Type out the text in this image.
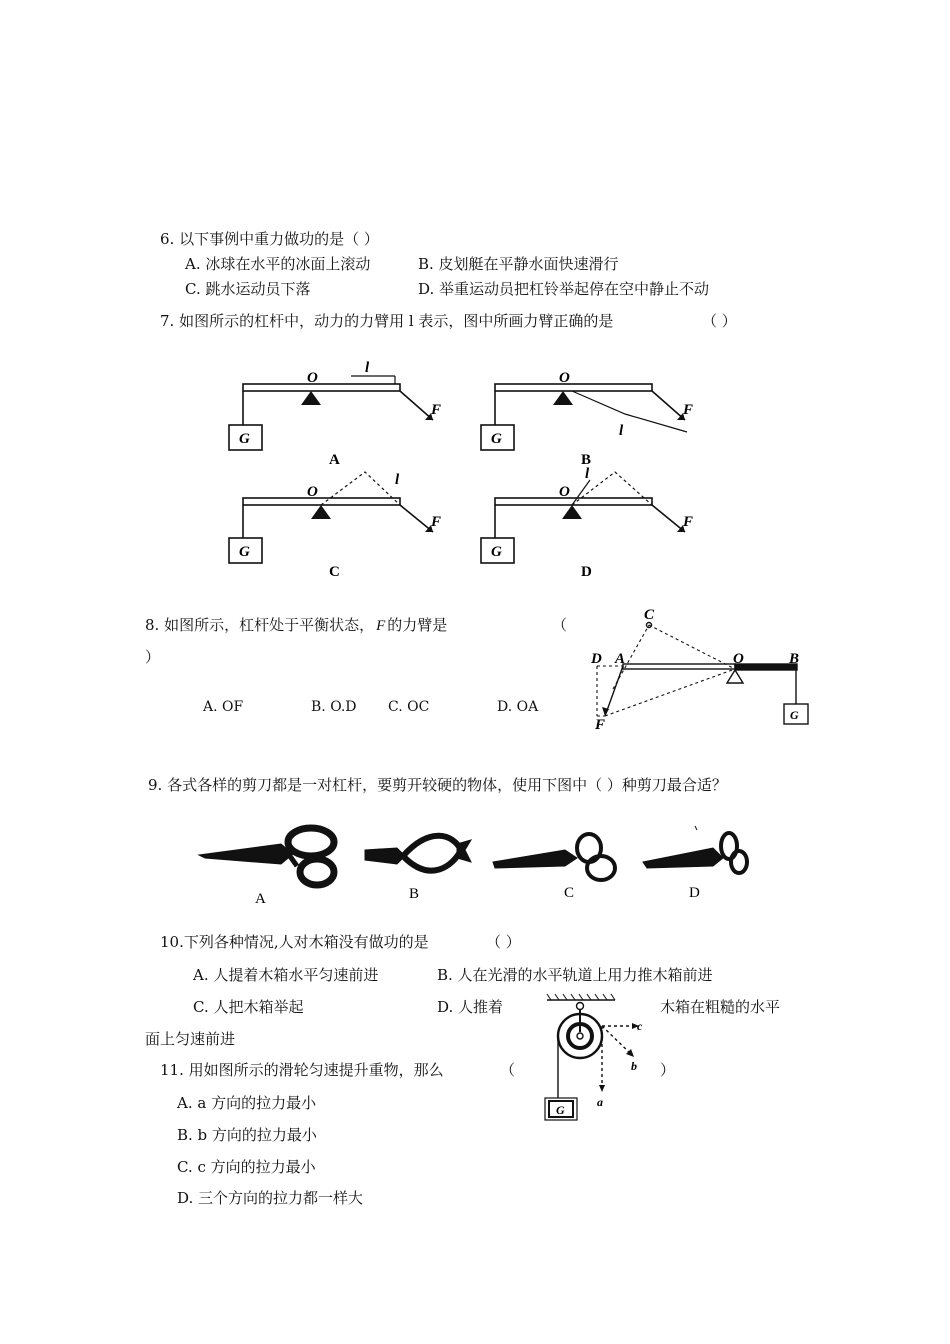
6. 以下事例中重力做功的是（ ）
A. 冰球在水平的冰面上滚动	B. 皮划艇在平静水面快速滑行
C. 跳水运动员下落	D. 举重运动员把杠铃举起停在空中静止不动
7. 如图所示的杠杆中，动力的力臂用 l 表示，图中所画力臂正确的是	（ ）
O
l
F
G
A
O
F
l
G
B
O
l
F
G
C
O
l
F
G
D
8. 如图所示，杠杆处于平衡状态， F 的力臂是	（
）
A. OF	B. O.D C. OC	D. OA
C
D A	O	B
F
G
9. 各式各样的剪刀都是一对杠杆，要剪开较硬的物体，使用下图中（ ）种剪刀最合适？
A	B	C	D
10.下列各种情况,人对木箱没有做功的是	（ ）
A. 人提着木箱水平匀速前进	B. 人在光滑的水平轨道上用力推木箱前进
C. 人把木箱举起	D. 人推着	木箱在粗糙的水平
面上匀速前进
11. 用如图所示的滑轮匀速提升重物，那么	（	）
A. a 方向的拉力最小
B. b 方向的拉力最小
C. c 方向的拉力最小
D. 三个方向的拉力都一样大
a
b
c
G
